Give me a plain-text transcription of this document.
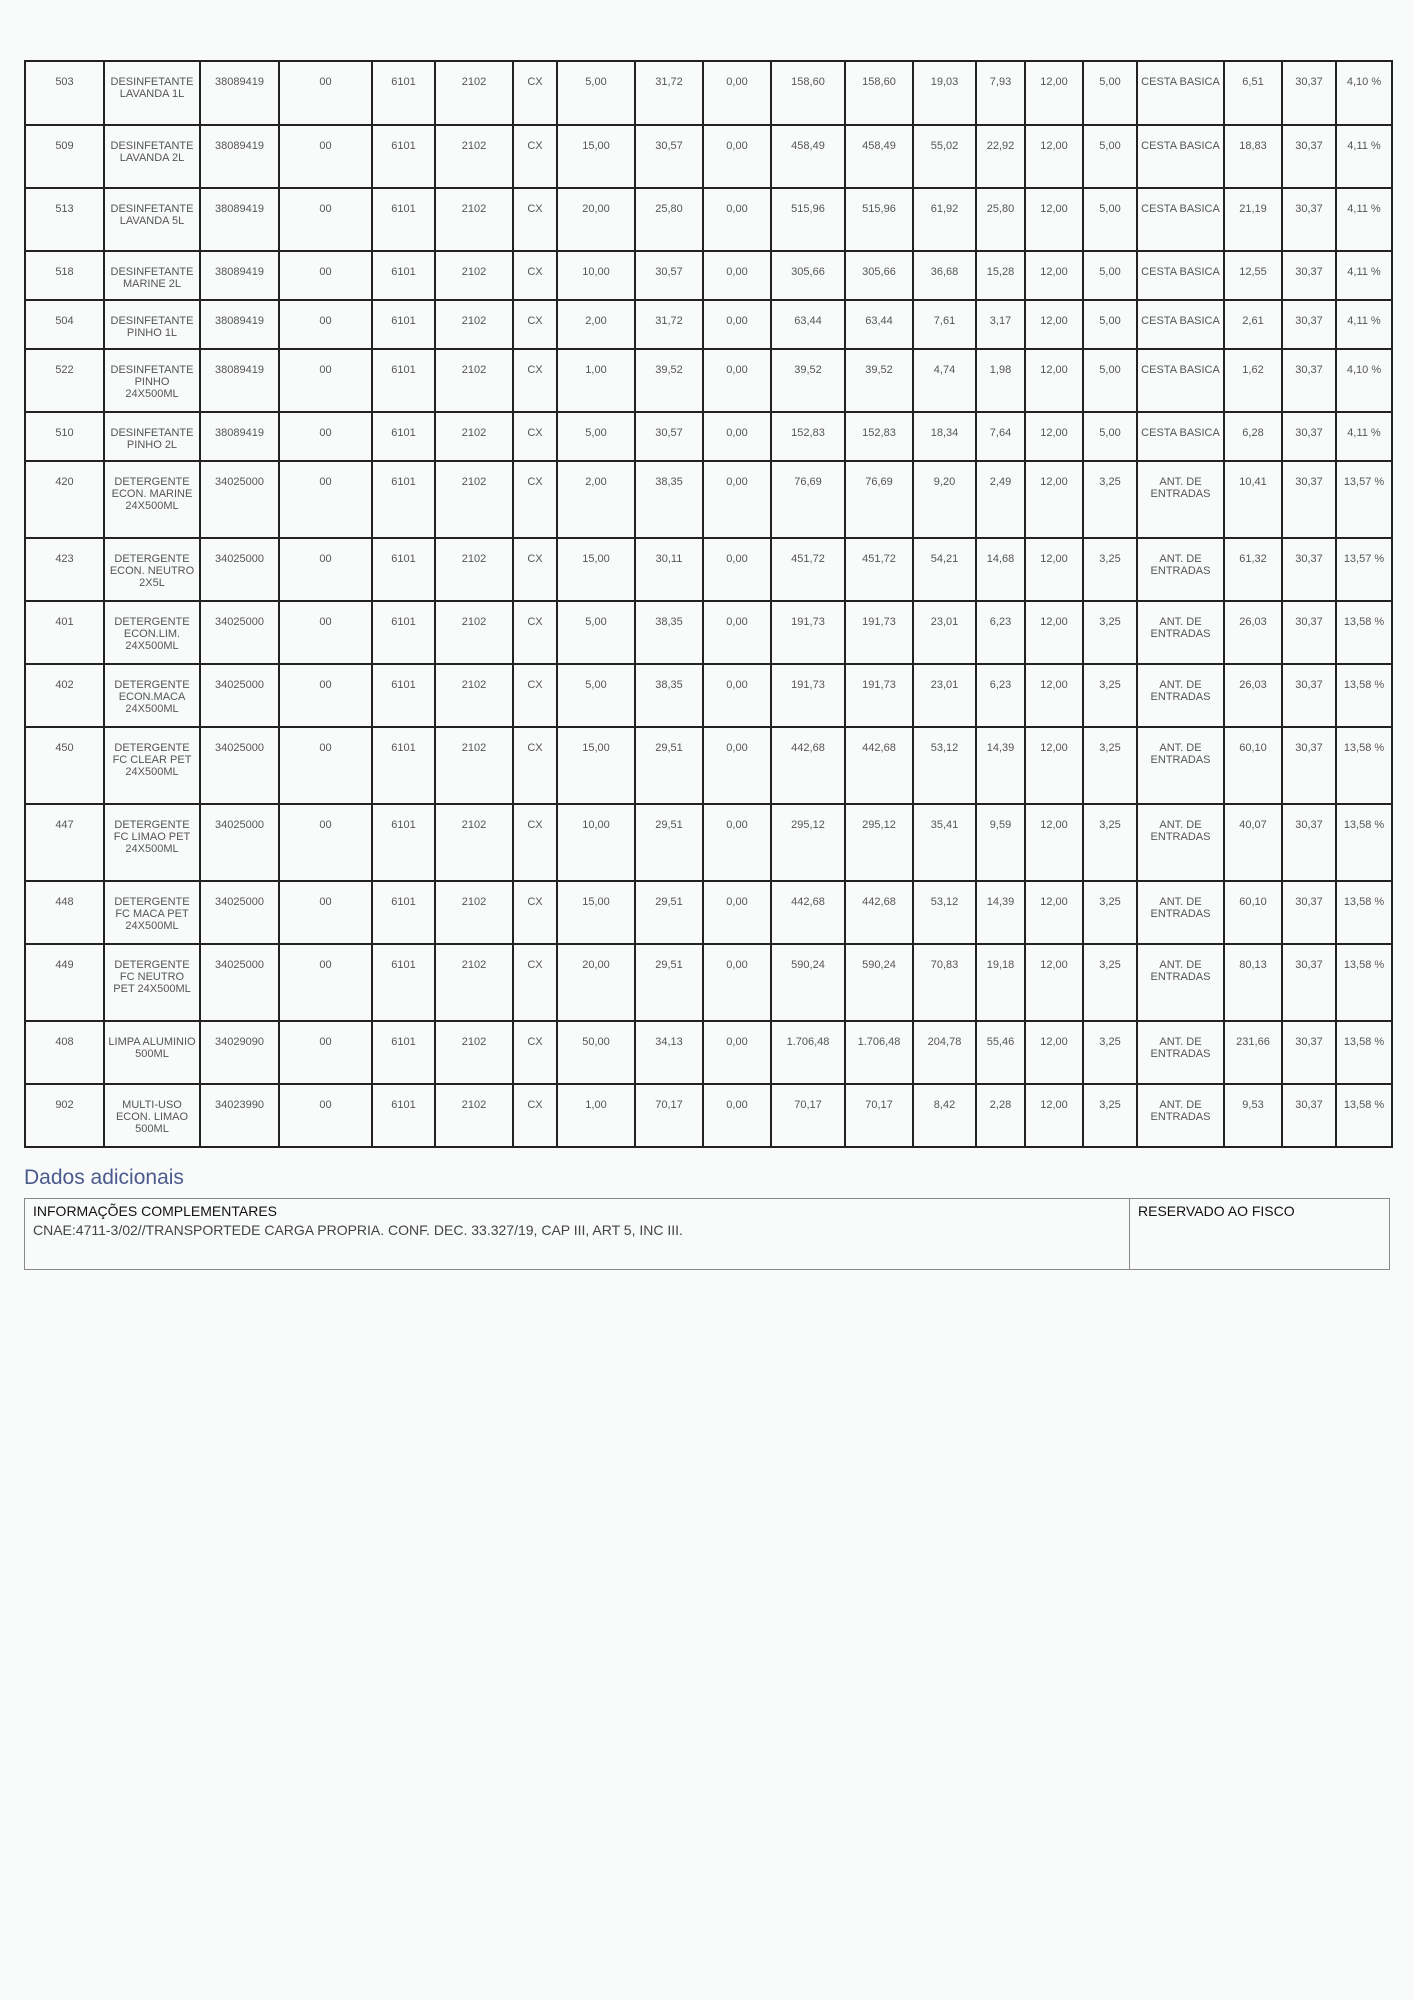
503	DESINFETANTE LAVANDA 1L	38089419	00	6101	2102	CX	5,00	31,72	0,00	158,60	158,60	19,03	7,93	12,00	5,00	CESTA BASICA	6,51	30,37	4,10 %
509	DESINFETANTE LAVANDA 2L	38089419	00	6101	2102	CX	15,00	30,57	0,00	458,49	458,49	55,02	22,92	12,00	5,00	CESTA BASICA	18,83	30,37	4,11 %
513	DESINFETANTE LAVANDA 5L	38089419	00	6101	2102	CX	20,00	25,80	0,00	515,96	515,96	61,92	25,80	12,00	5,00	CESTA BASICA	21,19	30,37	4,11 %
518	DESINFETANTE MARINE 2L	38089419	00	6101	2102	CX	10,00	30,57	0,00	305,66	305,66	36,68	15,28	12,00	5,00	CESTA BASICA	12,55	30,37	4,11 %
504	DESINFETANTE PINHO 1L	38089419	00	6101	2102	CX	2,00	31,72	0,00	63,44	63,44	7,61	3,17	12,00	5,00	CESTA BASICA	2,61	30,37	4,11 %
522	DESINFETANTE PINHO 24X500ML	38089419	00	6101	2102	CX	1,00	39,52	0,00	39,52	39,52	4,74	1,98	12,00	5,00	CESTA BASICA	1,62	30,37	4,10 %
510	DESINFETANTE PINHO 2L	38089419	00	6101	2102	CX	5,00	30,57	0,00	152,83	152,83	18,34	7,64	12,00	5,00	CESTA BASICA	6,28	30,37	4,11 %
420	DETERGENTE ECON. MARINE 24X500ML	34025000	00	6101	2102	CX	2,00	38,35	0,00	76,69	76,69	9,20	2,49	12,00	3,25	ANT. DE ENTRADAS	10,41	30,37	13,57 %
423	DETERGENTE ECON. NEUTRO 2X5L	34025000	00	6101	2102	CX	15,00	30,11	0,00	451,72	451,72	54,21	14,68	12,00	3,25	ANT. DE ENTRADAS	61,32	30,37	13,57 %
401	DETERGENTE ECON.LIM. 24X500ML	34025000	00	6101	2102	CX	5,00	38,35	0,00	191,73	191,73	23,01	6,23	12,00	3,25	ANT. DE ENTRADAS	26,03	30,37	13,58 %
402	DETERGENTE ECON.MACA 24X500ML	34025000	00	6101	2102	CX	5,00	38,35	0,00	191,73	191,73	23,01	6,23	12,00	3,25	ANT. DE ENTRADAS	26,03	30,37	13,58 %
450	DETERGENTE FC CLEAR PET 24X500ML	34025000	00	6101	2102	CX	15,00	29,51	0,00	442,68	442,68	53,12	14,39	12,00	3,25	ANT. DE ENTRADAS	60,10	30,37	13,58 %
447	DETERGENTE FC LIMAO PET 24X500ML	34025000	00	6101	2102	CX	10,00	29,51	0,00	295,12	295,12	35,41	9,59	12,00	3,25	ANT. DE ENTRADAS	40,07	30,37	13,58 %
448	DETERGENTE FC MACA PET 24X500ML	34025000	00	6101	2102	CX	15,00	29,51	0,00	442,68	442,68	53,12	14,39	12,00	3,25	ANT. DE ENTRADAS	60,10	30,37	13,58 %
449	DETERGENTE FC NEUTRO PET 24X500ML	34025000	00	6101	2102	CX	20,00	29,51	0,00	590,24	590,24	70,83	19,18	12,00	3,25	ANT. DE ENTRADAS	80,13	30,37	13,58 %
408	LIMPA ALUMINIO 500ML	34029090	00	6101	2102	CX	50,00	34,13	0,00	1.706,48	1.706,48	204,78	55,46	12,00	3,25	ANT. DE ENTRADAS	231,66	30,37	13,58 %
902	MULTI-USO ECON. LIMAO 500ML	34023990	00	6101	2102	CX	1,00	70,17	0,00	70,17	70,17	8,42	2,28	12,00	3,25	ANT. DE ENTRADAS	9,53	30,37	13,58 %
Dados adicionais
INFORMAÇÕES COMPLEMENTARES
CNAE:4711-3/02//TRANSPORTEDE CARGA PROPRIA. CONF. DEC. 33.327/19, CAP III, ART 5, INC III.
RESERVADO AO FISCO
